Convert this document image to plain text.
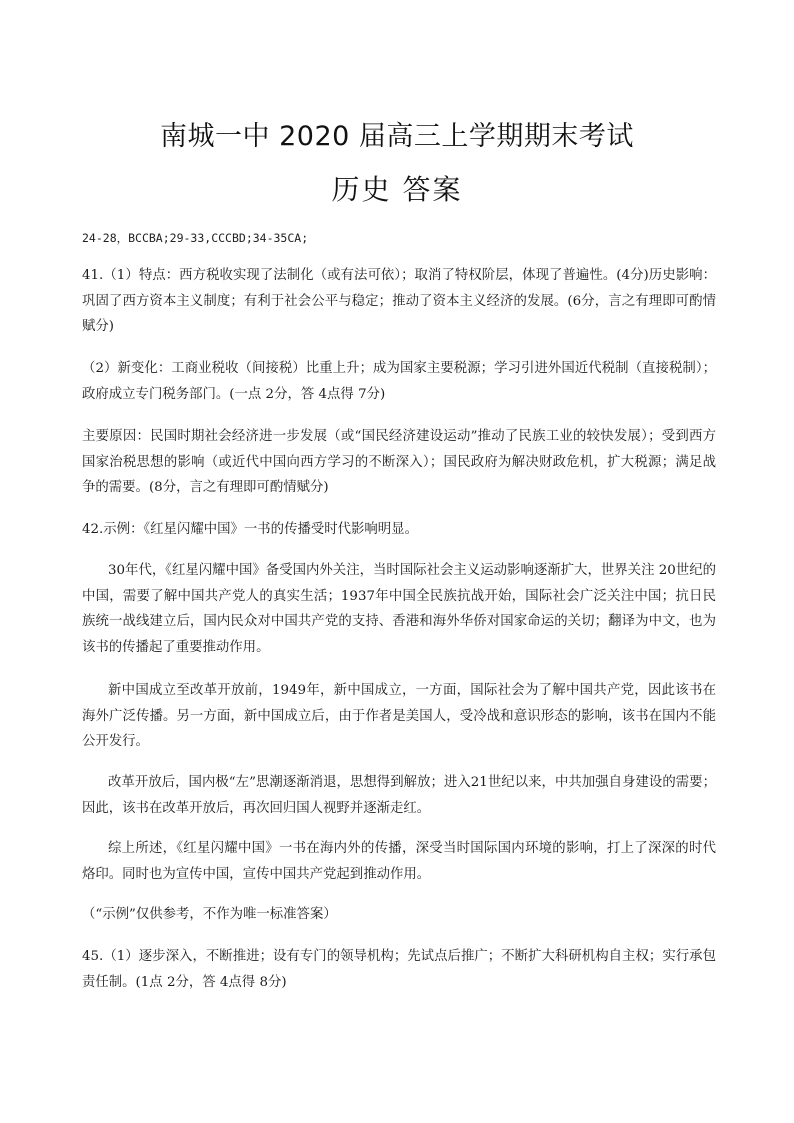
南城一中 2020 届高三上学期期末考试
历史 答案
24-28，BCCBA;29-33,CCCBD;34-35CA;

41.（1）特点：西方税收实现了法制化（或有法可依）；取消了特权阶层，体现了普遍性。(4分)历史影响：巩固了西方资本主义制度；有利于社会公平与稳定；推动了资本主义经济的发展。(6分，言之有理即可酌情赋分)

（2）新变化：工商业税收（间接税）比重上升；成为国家主要税源；学习引进外国近代税制（直接税制）；政府成立专门税务部门。(一点 2分，答 4点得 7分)

主要原因：民国时期社会经济进一步发展（或“国民经济建设运动”推动了民族工业的较快发展）；受到西方国家治税思想的影响（或近代中国向西方学习的不断深入）；国民政府为解决财政危机，扩大税源；满足战争的需要。(8分，言之有理即可酌情赋分)

42.示例：《红星闪耀中国》一书的传播受时代影响明显。

30年代，《红星闪耀中国》备受国内外关注，当时国际社会主义运动影响逐渐扩大，世界关注 20世纪的中国，需要了解中国共产党人的真实生活；1937年中国全民族抗战开始，国际社会广泛关注中国；抗日民族统一战线建立后，国内民众对中国共产党的支持、香港和海外华侨对国家命运的关切；翻译为中文，也为该书的传播起了重要推动作用。

新中国成立至改革开放前，1949年，新中国成立，一方面，国际社会为了解中国共产党，因此该书在海外广泛传播。另一方面，新中国成立后，由于作者是美国人，受冷战和意识形态的影响，该书在国内不能公开发行。

改革开放后，国内极“左”思潮逐渐消退，思想得到解放；进入21世纪以来，中共加强自身建设的需要；因此，该书在改革开放后，再次回归国人视野并逐渐走红。

综上所述，《红星闪耀中国》一书在海内外的传播，深受当时国际国内环境的影响，打上了深深的时代烙印。同时也为宣传中国，宣传中国共产党起到推动作用。

（“示例”仅供参考，不作为唯一标准答案）

45.（1）逐步深入，不断推进；设有专门的领导机构；先试点后推广；不断扩大科研机构自主权；实行承包责任制。(1点 2分，答 4点得 8分)
